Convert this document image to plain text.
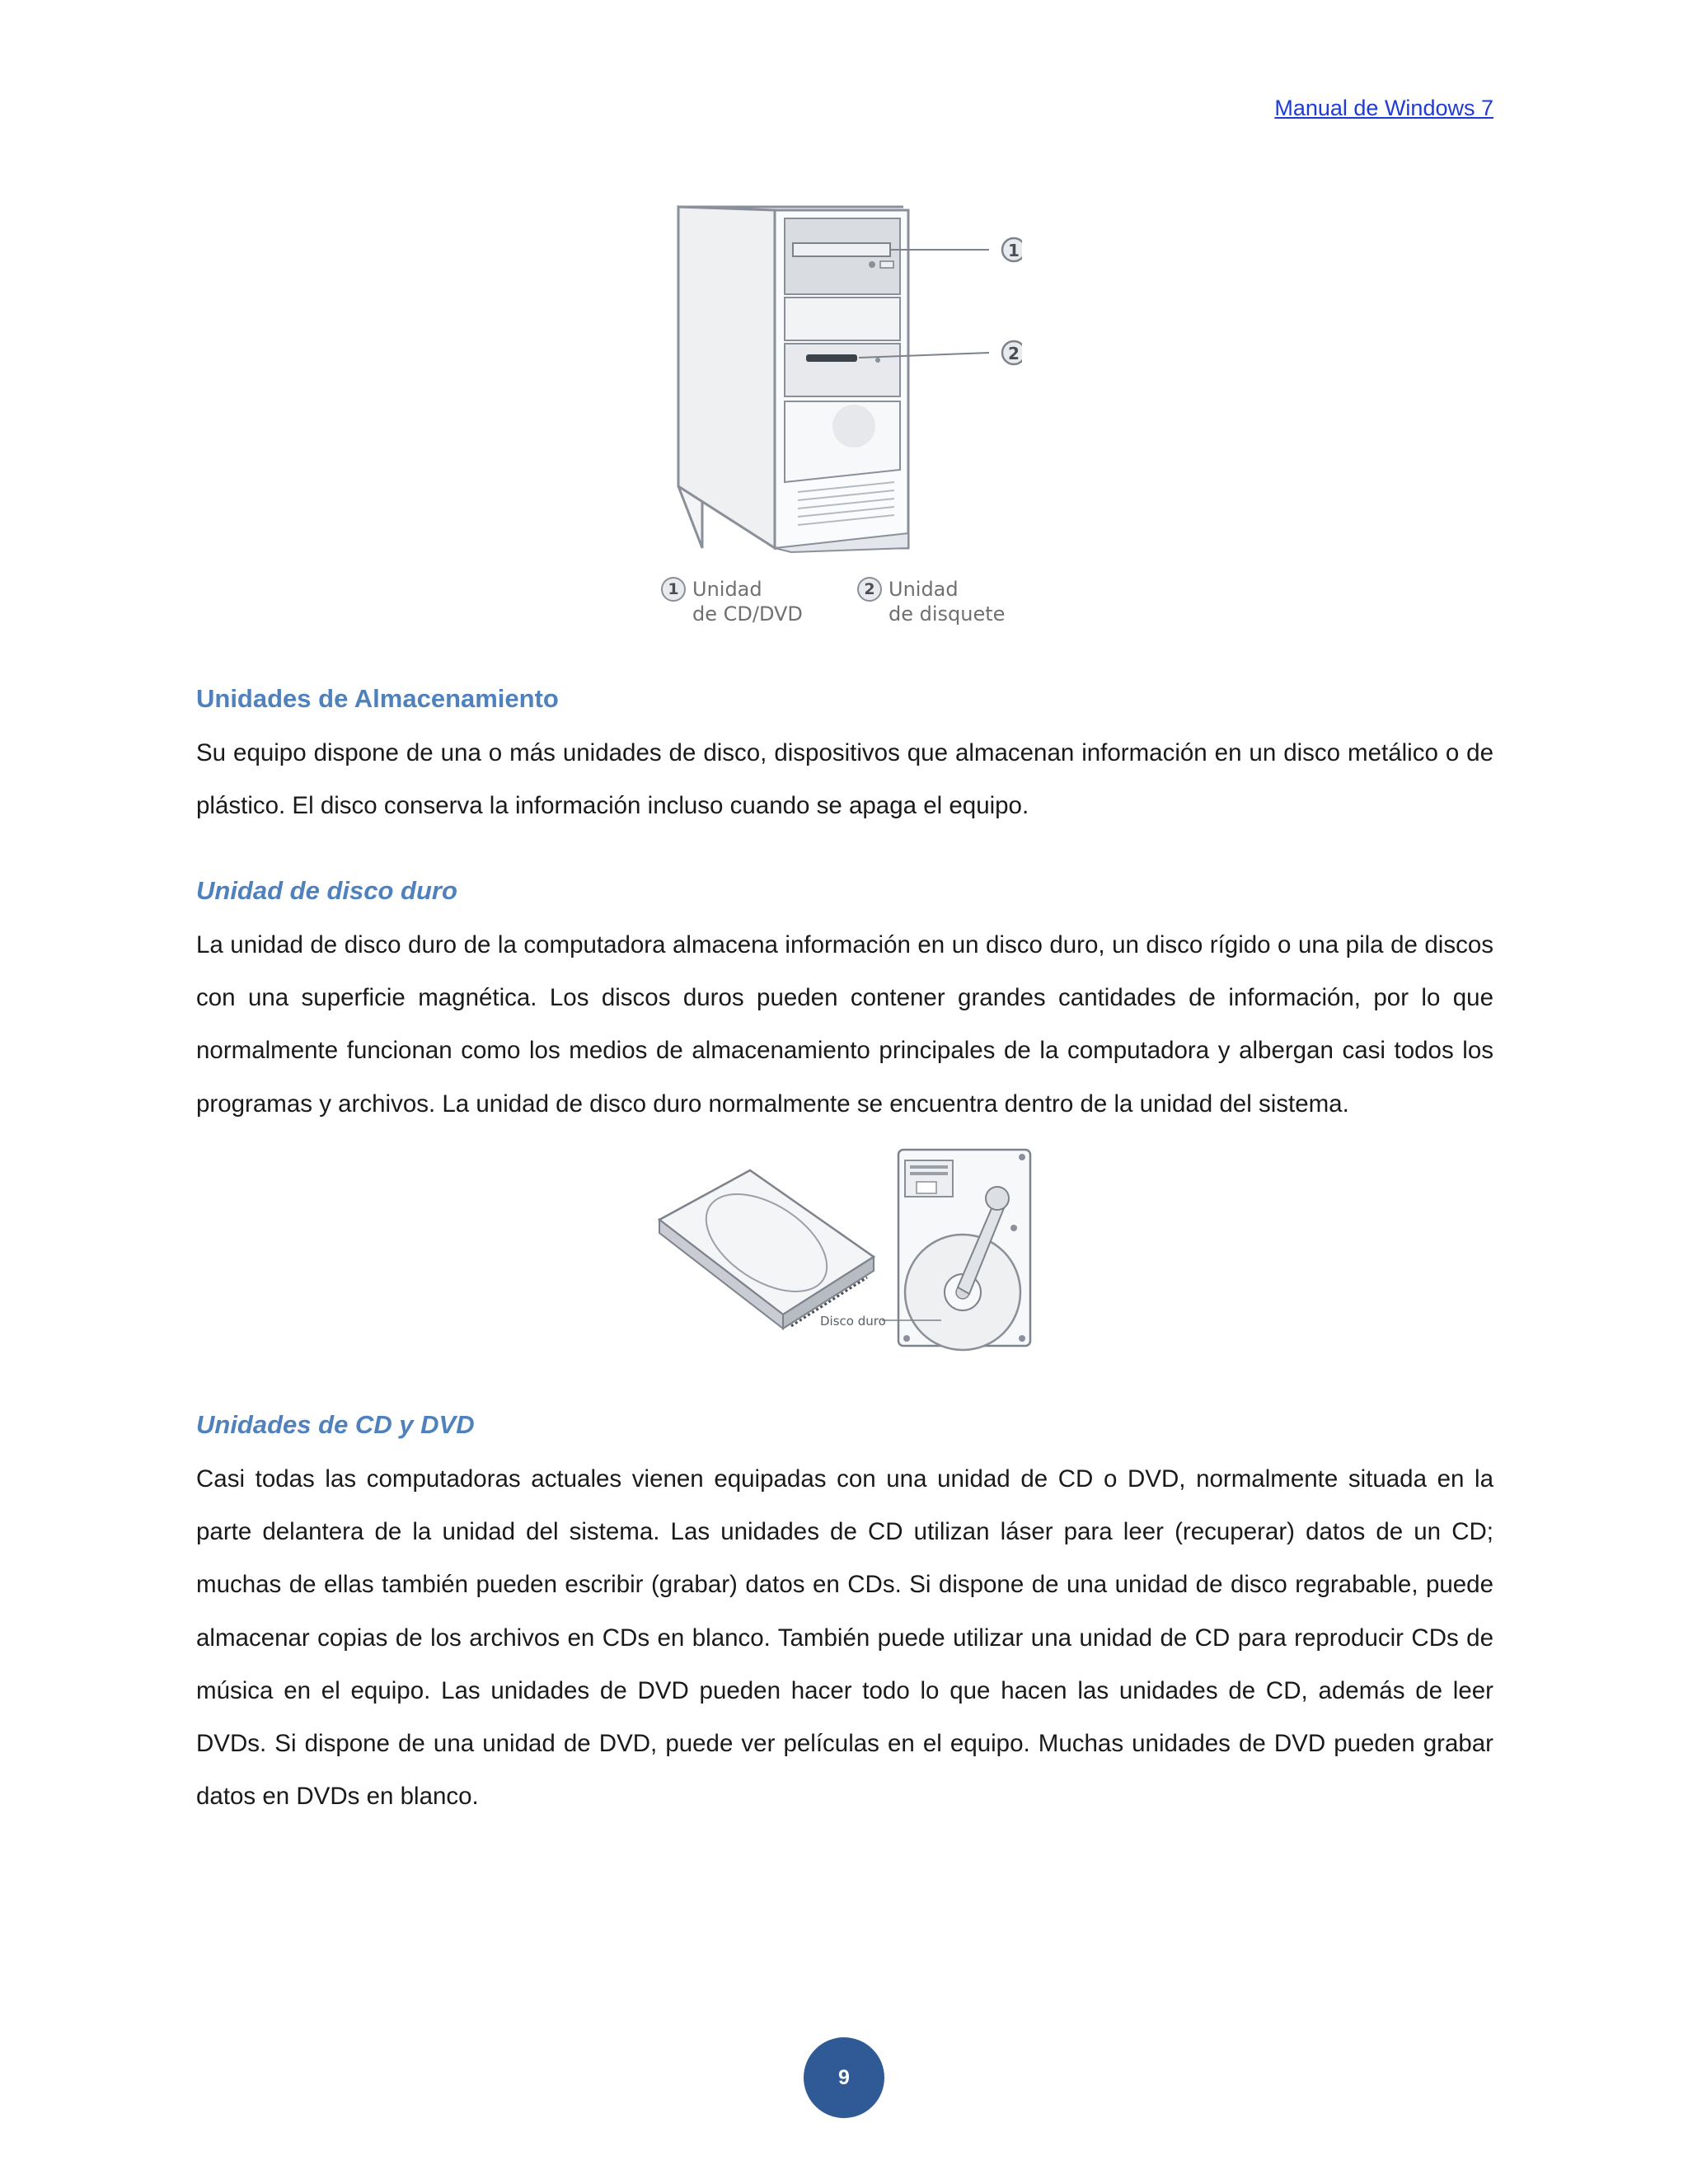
Manual de Windows 7
1
2
1 Unidad
de CD/DVD
2 Unidad
de disquete
Unidades de Almacenamiento

Su equipo dispone de una o más unidades de disco, dispositivos que almacenan información en un disco metálico o de plástico. El disco conserva la información incluso cuando se apaga el equipo.

Unidad de disco duro

La unidad de disco duro de la computadora almacena información en un disco duro, un disco rígido o una pila de discos con una superficie magnética. Los discos duros pueden contener grandes cantidades de información, por lo que normalmente funcionan como los medios de almacenamiento principales de la computadora y albergan casi todos los programas y archivos. La unidad de disco duro normalmente se encuentra dentro de la unidad del sistema.

Disco duro
Unidades de CD y DVD

Casi todas las computadoras actuales vienen equipadas con una unidad de CD o DVD, normalmente situada en la parte delantera de la unidad del sistema. Las unidades de CD utilizan láser para leer (recuperar) datos de un CD; muchas de ellas también pueden escribir (grabar) datos en CDs. Si dispone de una unidad de disco regrabable, puede almacenar copias de los archivos en CDs en blanco. También puede utilizar una unidad de CD para reproducir CDs de música en el equipo. Las unidades de DVD pueden hacer todo lo que hacen las unidades de CD, además de leer DVDs. Si dispone de una unidad de DVD, puede ver películas en el equipo. Muchas unidades de DVD pueden grabar datos en DVDs en blanco.

9
